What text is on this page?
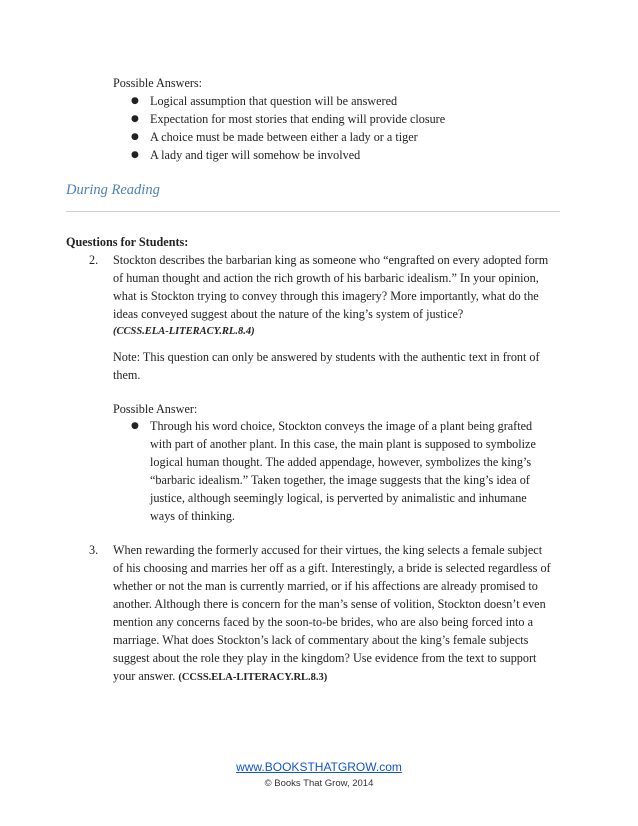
Possible Answers:
● Logical assumption that question will be answered
● Expectation for most stories that ending will provide closure
● A choice must be made between either a lady or a tiger
● A lady and tiger will somehow be involved
During Reading
Questions for Students:
2. Stockton describes the barbarian king as someone who “engrafted on every adopted form
of human thought and action the rich growth of his barbaric idealism.” In your opinion,
what is Stockton trying to convey through this imagery? More importantly, what do the
ideas conveyed suggest about the nature of the king’s system of justice?
(CCSS.ELA-LITERACY.RL.8.4)
Note: This question can only be answered by students with the authentic text in front of
them.
Possible Answer:
● Through his word choice, Stockton conveys the image of a plant being grafted
with part of another plant. In this case, the main plant is supposed to symbolize
logical human thought. The added appendage, however, symbolizes the king’s
“barbaric idealism.” Taken together, the image suggests that the king’s idea of
justice, although seemingly logical, is perverted by animalistic and inhumane
ways of thinking.
3. When rewarding the formerly accused for their virtues, the king selects a female subject
of his choosing and marries her off as a gift. Interestingly, a bride is selected regardless of
whether or not the man is currently married, or if his affections are already promised to
another. Although there is concern for the man’s sense of volition, Stockton doesn’t even
mention any concerns faced by the soon-to-be brides, who are also being forced into a
marriage. What does Stockton’s lack of commentary about the king’s female subjects
suggest about the role they play in the kingdom? Use evidence from the text to support
your answer. (CCSS.ELA-LITERACY.RL.8.3)
www.BOOKSTHATGROW.com
© Books That Grow, 2014
